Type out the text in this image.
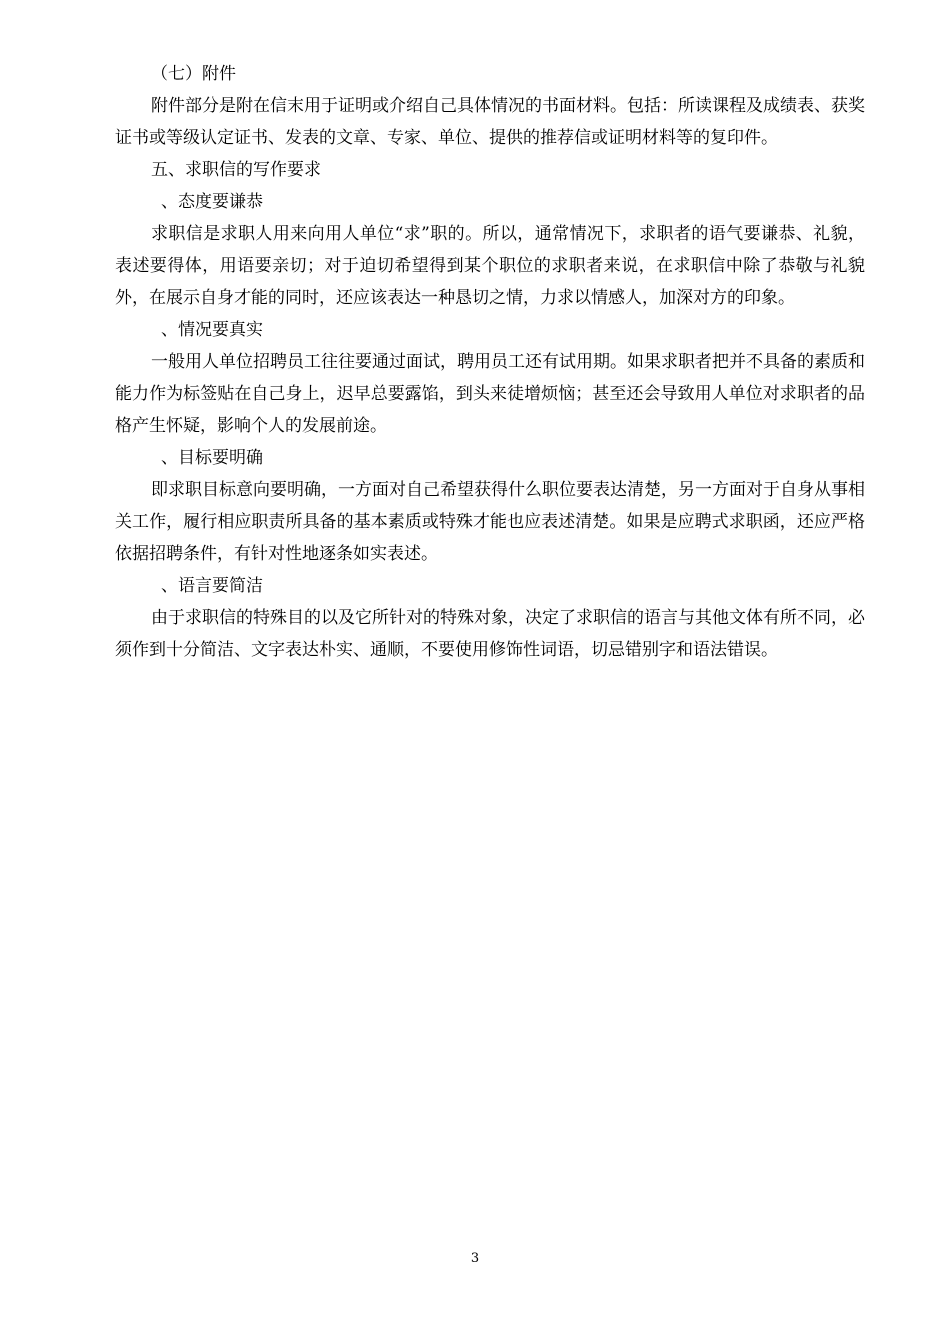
（七）附件

附件部分是附在信末用于证明或介绍自己具体情况的书面材料。包括：所读课程及成绩表、获奖证书或等级认定证书、发表的文章、专家、单位、提供的推荐信或证明材料等的复印件。

五、求职信的写作要求

、态度要谦恭

求职信是求职人用来向用人单位“求”职的。所以，通常情况下，求职者的语气要谦恭、礼貌，表述要得体，用语要亲切；对于迫切希望得到某个职位的求职者来说，在求职信中除了恭敬与礼貌外，在展示自身才能的同时，还应该表达一种恳切之情，力求以情感人，加深对方的印象。

、情况要真实

一般用人单位招聘员工往往要通过面试，聘用员工还有试用期。如果求职者把并不具备的素质和能力作为标签贴在自己身上，迟早总要露馅，到头来徒增烦恼；甚至还会导致用人单位对求职者的品格产生怀疑，影响个人的发展前途。

、目标要明确

即求职目标意向要明确，一方面对自己希望获得什么职位要表达清楚，另一方面对于自身从事相关工作，履行相应职责所具备的基本素质或特殊才能也应表述清楚。如果是应聘式求职函，还应严格依据招聘条件，有针对性地逐条如实表述。

、语言要简洁

由于求职信的特殊目的以及它所针对的特殊对象，决定了求职信的语言与其他文体有所不同，必须作到十分简洁、文字表达朴实、通顺，不要使用修饰性词语，切忌错别字和语法错误。

3
